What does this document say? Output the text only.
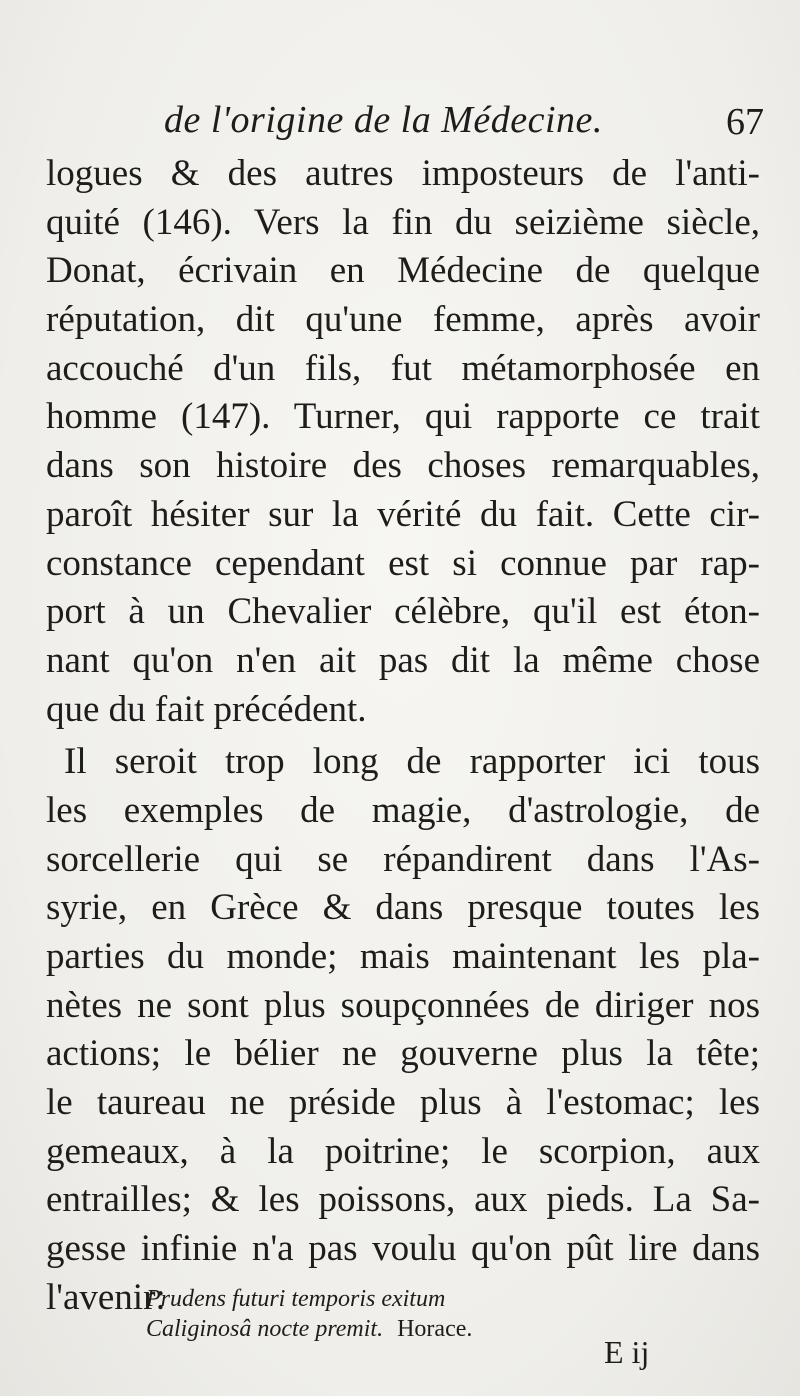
de l'origine de la Médecine.	67
logues & des autres imposteurs de l'anti-
quité (146). Vers la fin du seizième siècle,
Donat, écrivain en Médecine de quelque
réputation, dit qu'une femme, après avoir
accouché d'un fils, fut métamorphosée en
homme (147). Turner, qui rapporte ce trait
dans son histoire des choses remarquables,
paroît hésiter sur la vérité du fait. Cette cir-
constance cependant est si connue par rap-
port à un Chevalier célèbre, qu'il est éton-
nant qu'on n'en ait pas dit la même chose
que du fait précédent.
Il seroit trop long de rapporter ici tous
les exemples de magie, d'astrologie, de
sorcellerie qui se répandirent dans l'As-
syrie, en Grèce & dans presque toutes les
parties du monde; mais maintenant les pla-
nètes ne sont plus soupçonnées de diriger nos
actions; le bélier ne gouverne plus la tête;
le taureau ne préside plus à l'estomac; les
gemeaux, à la poitrine; le scorpion, aux
entrailles; & les poissons, aux pieds. La Sa-
gesse infinie n'a pas voulu qu'on pût lire dans
l'avenir:
Prudens futuri temporis exitum
Caliginosâ nocte premit. Horace.
E ij
